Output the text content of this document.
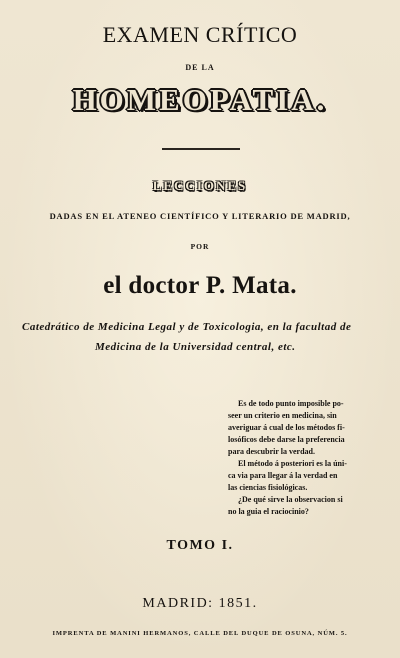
EXAMEN CRÍTICO
DE LA
HOMEOPATIA.
LECCIONES
DADAS EN EL ATENEO CIENTÍFICO Y LITERARIO DE MADRID,
POR
el doctor P. Mata.
Catedrático de Medicina Legal y de Toxicologia, en la facultad de
Medicina de la Universidad central, etc.
Es de todo punto imposible po-
seer un criterio en medicina, sin
averiguar á cual de los métodos fi-
losóficos debe darse la preferencia
para descubrir la verdad.
El método á posteriori es la úni-
ca via para llegar á la verdad en
las ciencias fisiológicas.
¿De qué sirve la observacion si
no la guia el raciocinio?
TOMO I.
MADRID: 1851.
IMPRENTA DE MANINI HERMANOS, CALLE DEL DUQUE DE OSUNA, NÚM. 5.
